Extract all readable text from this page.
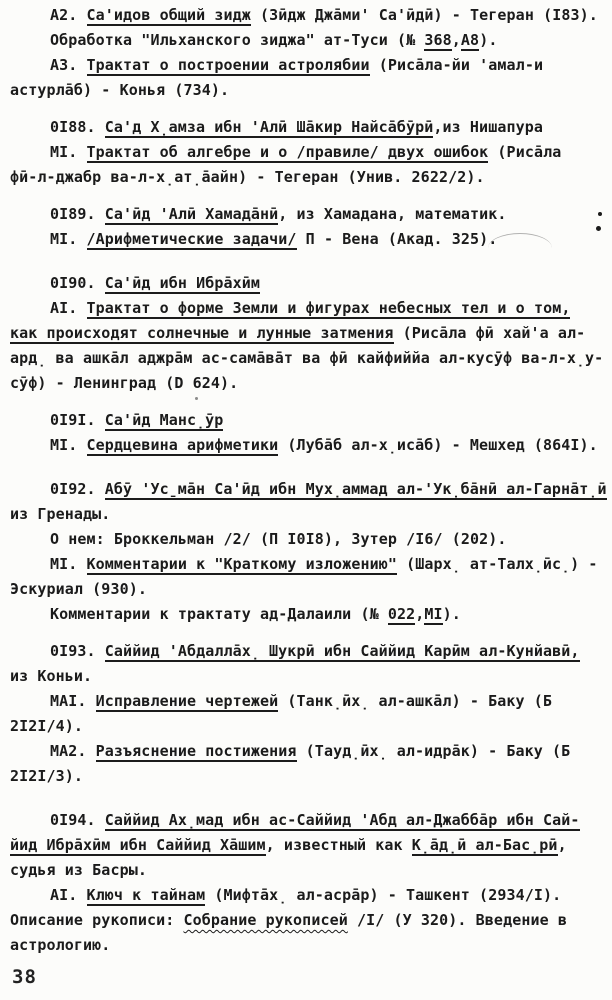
А2. Са'идов общий зидж (Зӣдж Джāми' Са'ӣдӣ) - Тегеран (I83).
Обработка "Ильханского зиджа" ат-Туси (№ 368,А8).
А3. Трактат о построении астролябии (Рисāла-йи 'амал-и
астурлāб) - Конья (734).
0I88. Са'д Х̣амза ибн 'Алӣ Шāкир Найсāбӯрӣ,из Нишапура
МI. Трактат об алгебре и о /правиле/ двух ошибок (Рисāла
фӣ-л-джабр ва-л-х̣ат̣āайн) - Тегеран (Унив. 2622/2).
0I89. Са'ӣд 'Алӣ Хамадāнӣ, из Хамадана, математик.
МI. /Арифметические задачи/ П - Вена (Акад. 325).
0I90. Са'ӣд ибн Ибрāхӣм
АI. Трактат о форме Земли и фигурах небесных тел и о том,
как происходят солнечные и лунные затмения (Рисāла фӣ хай'а ал-
ард̣ ва ашкāл аджрāм ас-самāвāт ва фӣ кайфиййа ал-кусӯф ва-л-х̣у-
сӯф) - Ленинград (D 624).
0I9I. Са'ӣд Манс̣ӯр
МI. Сердцевина арифметики (Лубāб ал-х̣исāб) - Мешхед (864I).
0I92. Абӯ 'Ус̱мāн Са'ӣд ибн Мух̣аммад ал-'Ук̣бāнӣ ал-Гарнāт̣ӣ
из Гренады.
О нем: Броккельман /2/ (П I0I8), Зутер /I6/ (202).
МI. Комментарии к "Краткому изложению" (Шарх̣ ат-Талх̣ӣс̣) -
Эскуриал (930).
Комментарии к трактату ад-Далаили (№ 022,МI).
0I93. Саййид 'Абдаллāх̣ Шукрӣ ибн Саййид Карӣм ал-Кунйавӣ,
из Коньи.
МАI. Исправление чертежей (Танк̣ӣх̣ ал-ашкāл) - Баку (Б
2I2I/4).
МА2. Разъяснение постижения (Тауд̣ӣх̣ ал-идрāк) - Баку (Б
2I2I/3).
0I94. Саййид Ах̣мад ибн ас-Саййид 'Абд ал-Джаббāр ибн Сай-
йид Ибрāхӣм ибн Саййид Хāшим, известный как К̣āд̣ӣ ал-Бас̣рӣ,
судья из Басры.
АI. Ключ к тайнам (Мифтāх̣ ал-асрāр) - Ташкент (2934/I).
Описание рукописи: Собрание рукописей /I/ (У 320). Введение в
астрологию.
38
